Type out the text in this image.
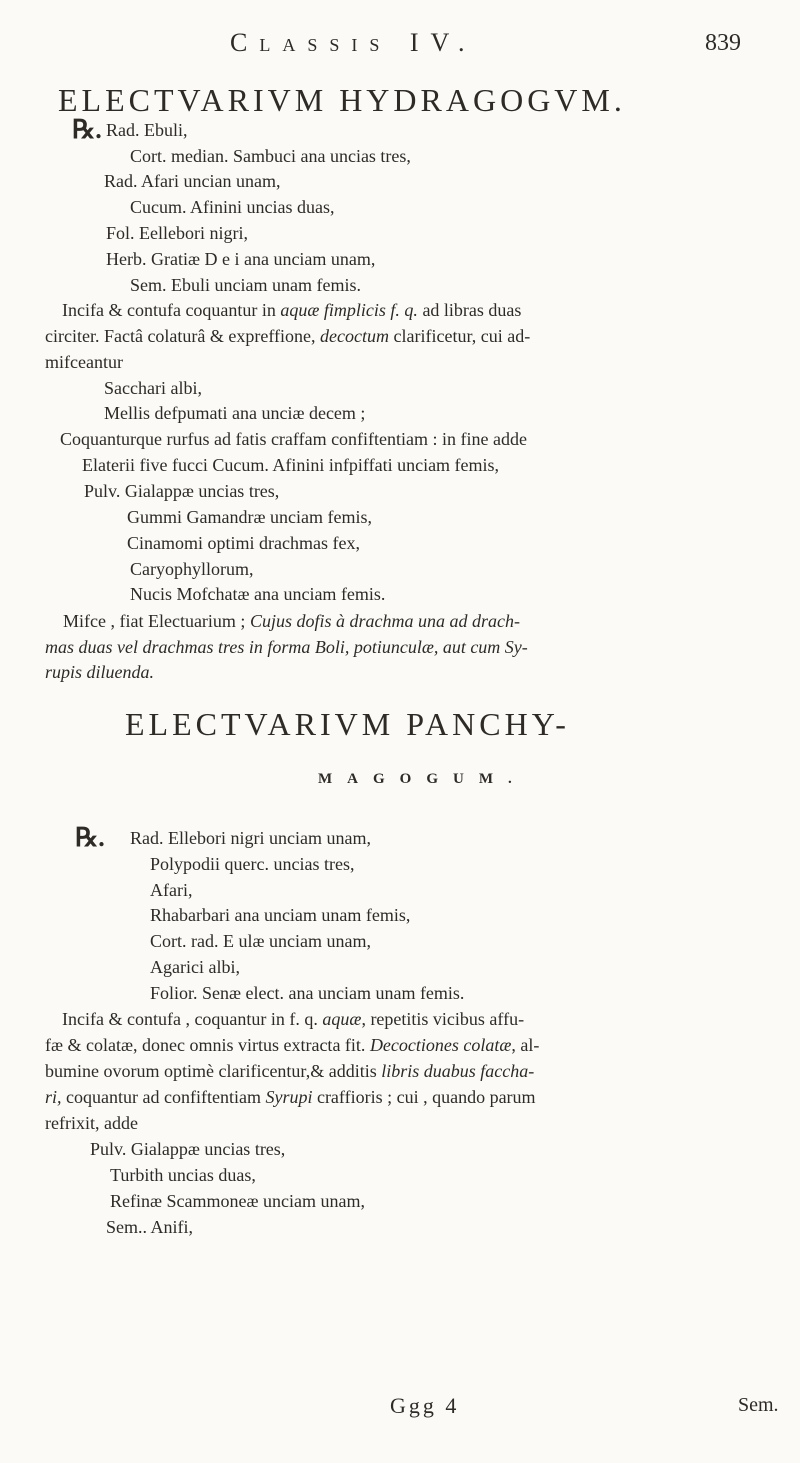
Classis IV.	839
ELECTVARIVM HYDRAGOGVM.
℞. Rad. Ebuli,
Cort. median. Sambuci ana uncias tres,
Rad. Afari uncian unam,
Cucum. Afinini uncias duas,
Fol. Eellebori nigri,
Herb. Gratiæ D e i ana unciam unam,
Sem. Ebuli unciam unam femis.
Incifa & contufa coquantur in aquæ fimplicis f. q. ad libras duas
circiter. Factâ colaturâ & expreffione, decoctum clarificetur, cui ad-
mifceantur
Sacchari albi,
Mellis defpumati ana unciæ decem ;
Coquanturque rurfus ad fatis craffam confiftentiam : in fine adde
Elaterii five fucci Cucum. Afinini infpiffati unciam femis,
Pulv. Gialappæ uncias tres,
Gummi Gamandræ unciam femis,
Cinamomi optimi drachmas fex,
Caryophyllorum,
Nucis Mofchatæ ana unciam femis.
Mifce , fiat Electuarium ; Cujus dofis à drachma una ad drach-
mas duas vel drachmas tres in forma Boli, potiunculæ, aut cum Sy-
rupis diluenda.
ELECTVARIVM PANCHY-
MAGOGUM.
℞. Rad. Ellebori nigri unciam unam,
Polypodii querc. uncias tres,
Afari,
Rhabarbari ana unciam unam femis,
Cort. rad. E ulæ unciam unam,
Agarici albi,
Folior. Senæ elect. ana unciam unam femis.
Incifa & contufa , coquantur in f. q. aquæ, repetitis vicibus affu-
fæ & colatæ, donec omnis virtus extracta fit. Decoctiones colatæ, al-
bumine ovorum optimè clarificentur,& additis libris duabus faccha-
ri, coquantur ad confiftentiam Syrupi craffioris ; cui , quando parum
refrixit, adde
Pulv. Gialappæ uncias tres,
Turbith uncias duas,
Refinæ Scammoneæ unciam unam,
Sem.. Anifi,
Ggg 4	Sem.
